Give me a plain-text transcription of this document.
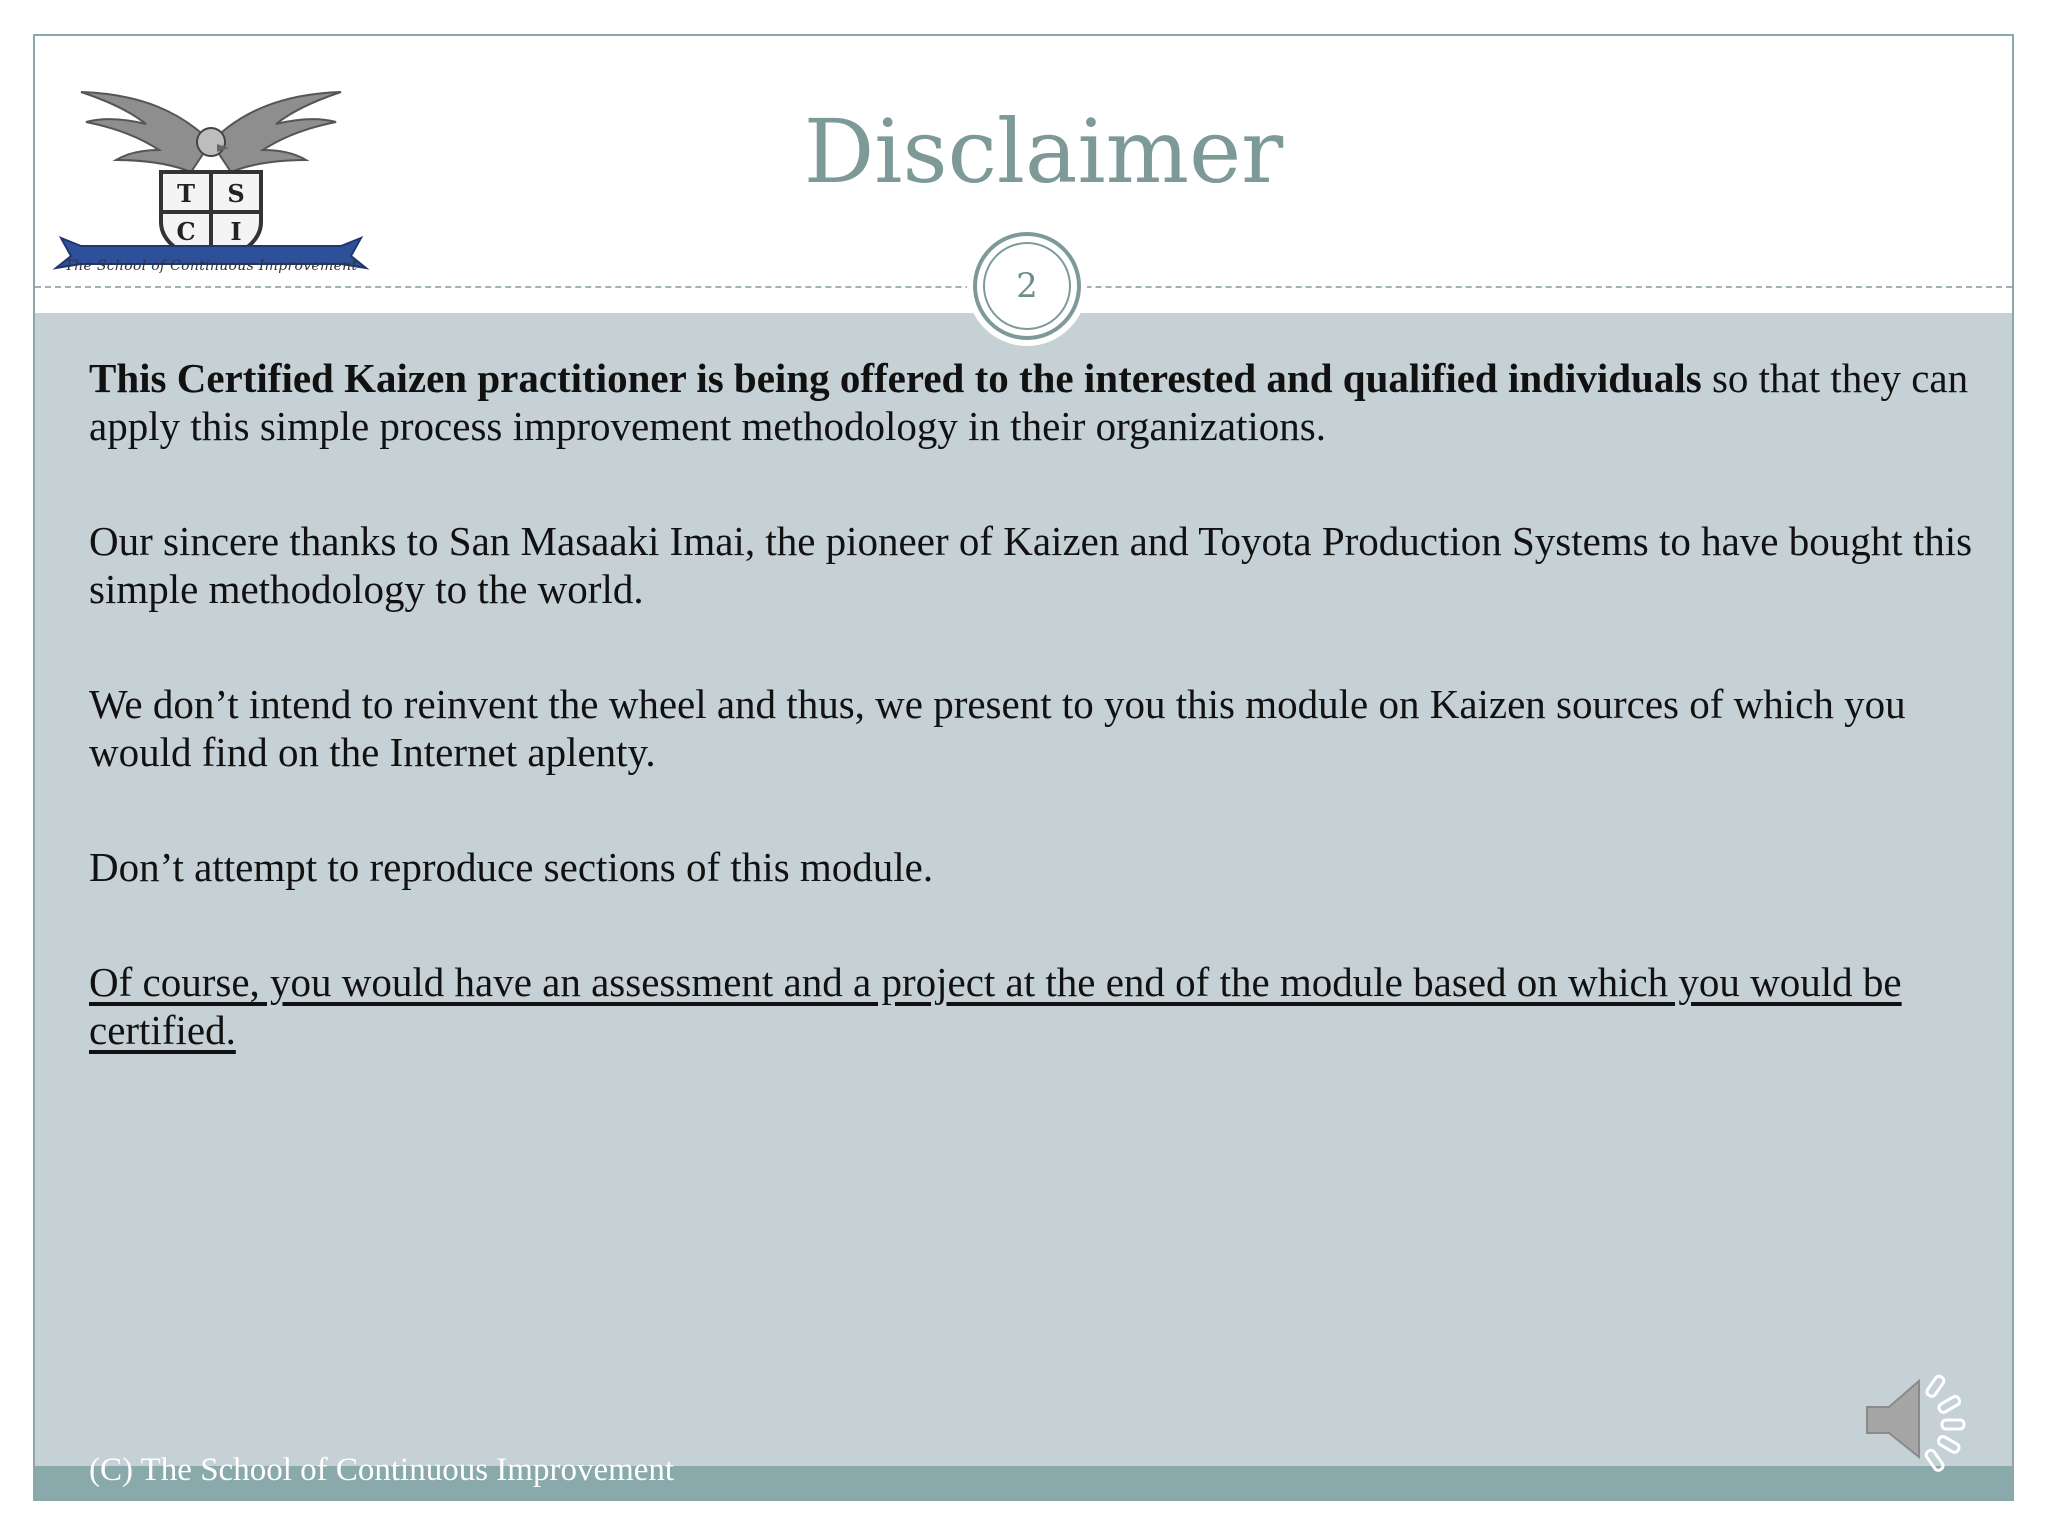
T S
C I
The School of Continuous Improvement
Disclaimer
2

This Certified Kaizen practitioner is being offered to the interested and qualified individuals so that they can apply this simple process improvement methodology in their organizations.

Our sincere thanks to San Masaaki Imai, the pioneer of Kaizen and Toyota Production Systems to have bought this simple methodology to the world.

We don’t intend to reinvent the wheel and thus, we present to you this module on Kaizen sources of which you would find on the Internet aplenty.

Don’t attempt to reproduce sections of this module.

Of course, you would have an assessment and a project at the end of the module based on which you would be certified.

(C) The School of Continuous Improvement
